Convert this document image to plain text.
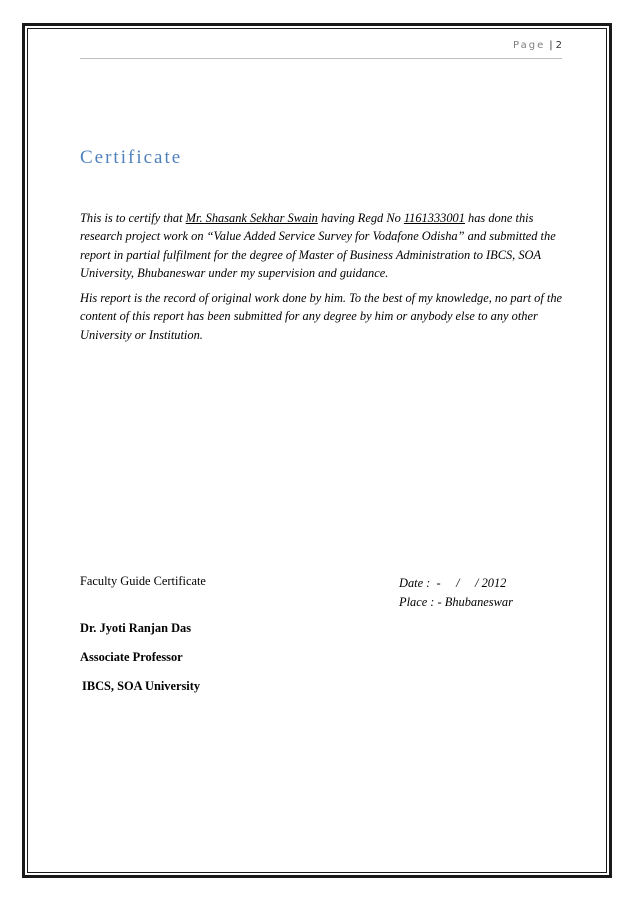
Page | 2
Certificate
This is to certify that Mr. Shasank Sekhar Swain having Regd No 1161333001 has done this research project work on “Value Added Service Survey for Vodafone Odisha” and submitted the report in partial fulfilment for the degree of Master of Business Administration to IBCS, SOA University, Bhubaneswar under my supervision and guidance.
His report is the record of original work done by him. To the best of my knowledge, no part of the content of this report has been submitted for any degree by him or anybody else to any other University or Institution.
Faculty Guide Certificate	Date :  -     /     / 2012
Place : - Bhubaneswar
Dr. Jyoti Ranjan Das
Associate Professor
IBCS, SOA University
